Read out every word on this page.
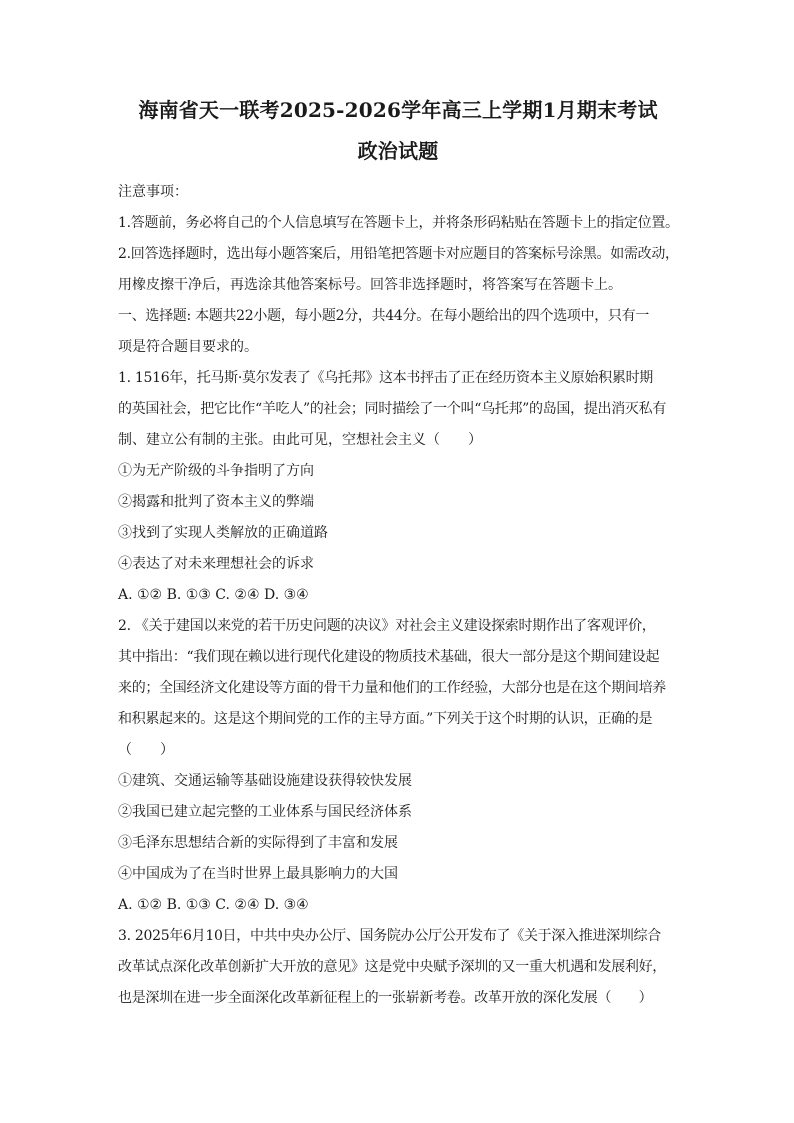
海南省天一联考2025-2026学年高三上学期1月期末考试
政治试题

注意事项：

1.答题前，务必将自己的个人信息填写在答题卡上，并将条形码粘贴在答题卡上的指定位置。

2.回答选择题时，选出每小题答案后，用铅笔把答题卡对应题目的答案标号涂黑。如需改动，

用橡皮擦干净后，再选涂其他答案标号。回答非选择题时，将答案写在答题卡上。

一、选择题: 本题共22小题，每小题2分，共44分。在每小题给出的四个选项中，只有一

项是符合题目要求的。

1. 1516年，托马斯·莫尔发表了《乌托邦》这本书抨击了正在经历资本主义原始积累时期

的英国社会，把它比作“羊吃人”的社会；同时描绘了一个叫“乌托邦”的岛国，提出消灭私有

制、建立公有制的主张。由此可见，空想社会主义（　　）

①为无产阶级的斗争指明了方向

②揭露和批判了资本主义的弊端

③找到了实现人类解放的正确道路

④表达了对未来理想社会的诉求

A. ①② B. ①③ C. ②④ D. ③④

2. 《关于建国以来党的若干历史问题的决议》对社会主义建设探索时期作出了客观评价，

其中指出：“我们现在赖以进行现代化建设的物质技术基础，很大一部分是这个期间建设起

来的；全国经济文化建设等方面的骨干力量和他们的工作经验，大部分也是在这个期间培养

和积累起来的。这是这个期间党的工作的主导方面。”下列关于这个时期的认识，正确的是

（　　）

①建筑、交通运输等基础设施建设获得较快发展

②我国已建立起完整的工业体系与国民经济体系

③毛泽东思想结合新的实际得到了丰富和发展

④中国成为了在当时世界上最具影响力的大国

A. ①② B. ①③ C. ②④ D. ③④

3. 2025年6月10日，中共中央办公厅、国务院办公厅公开发布了《关于深入推进深圳综合

改革试点深化改革创新扩大开放的意见》这是党中央赋予深圳的又一重大机遇和发展利好，

也是深圳在进一步全面深化改革新征程上的一张崭新考卷。改革开放的深化发展（　　）
